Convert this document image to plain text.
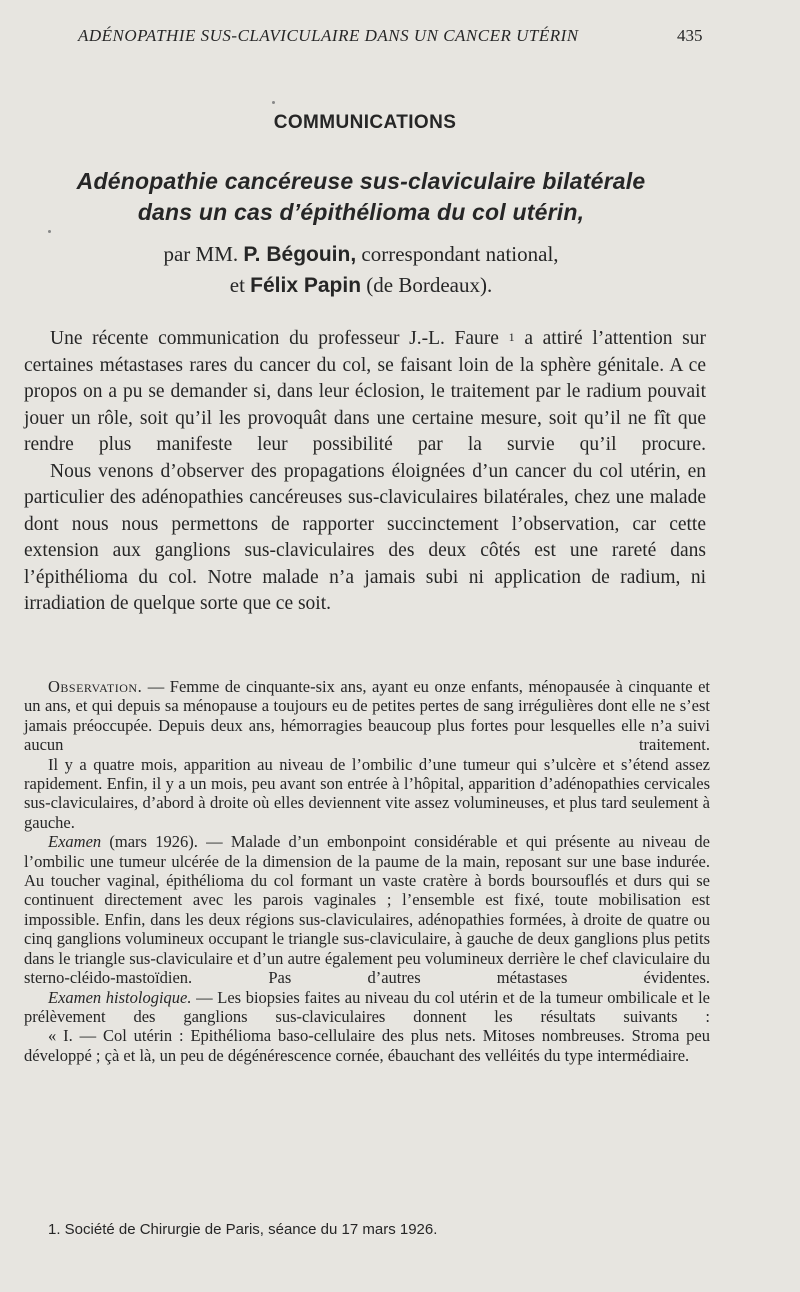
ADÉNOPATHIE SUS-CLAVICULAIRE DANS UN CANCER UTÉRIN	435
COMMUNICATIONS
Adénopathie cancéreuse sus-claviculaire bilatérale
dans un cas d’épithélioma du col utérin,
par MM. P. Bégouin, correspondant national,
et Félix Papin (de Bordeaux).

Une récente communication du professeur J.-L. Faure $^1$ a attiré l’attention sur certaines métastases rares du cancer du col, se faisant loin de la sphère génitale. A ce propos on a pu se demander si, dans leur éclosion, le traitement par le radium pouvait jouer un rôle, soit qu’il les provoquât dans une certaine mesure, soit qu’il ne fît que rendre plus manifeste leur possibilité par la survie qu’il procure.

Nous venons d’observer des propagations éloignées d’un cancer du col utérin, en particulier des adénopathies cancéreuses sus-claviculaires bilatérales, chez une malade dont nous nous permettons de rapporter succinctement l’observation, car cette extension aux ganglions sus-claviculaires des deux côtés est une rareté dans l’épithélioma du col. Notre malade n’a jamais subi ni application de radium, ni irradiation de quelque sorte que ce soit.

Observation. — Femme de cinquante-six ans, ayant eu onze enfants, ménopausée à cinquante et un ans, et qui depuis sa ménopause a toujours eu de petites pertes de sang irrégulières dont elle ne s’est jamais préoccupée. Depuis deux ans, hémorragies beaucoup plus fortes pour lesquelles elle n’a suivi aucun traitement.

Il y a quatre mois, apparition au niveau de l’ombilic d’une tumeur qui s’ulcère et s’étend assez rapidement. Enfin, il y a un mois, peu avant son entrée à l’hôpital, apparition d’adénopathies cervicales sus-claviculaires, d’abord à droite où elles deviennent vite assez volumineuses, et plus tard seulement à gauche.

Examen (mars 1926). — Malade d’un embonpoint considérable et qui présente au niveau de l’ombilic une tumeur ulcérée de la dimension de la paume de la main, reposant sur une base indurée. Au toucher vaginal, épithélioma du col formant un vaste cratère à bords boursouflés et durs qui se continuent directement avec les parois vaginales ; l’ensemble est fixé, toute mobilisation est impossible. Enfin, dans les deux régions sus-claviculaires, adénopathies formées, à droite de quatre ou cinq ganglions volumineux occupant le triangle sus-claviculaire, à gauche de deux ganglions plus petits dans le triangle sus-claviculaire et d’un autre également peu volumineux derrière le chef claviculaire du sterno-cléido-mastoïdien. Pas d’autres métastases évidentes.

Examen histologique. — Les biopsies faites au niveau du col utérin et de la tumeur ombilicale et le prélèvement des ganglions sus-claviculaires donnent les résultats suivants :

« I. — Col utérin : Epithélioma baso-cellulaire des plus nets. Mitoses nombreuses. Stroma peu développé ; çà et là, un peu de dégénérescence cornée, ébauchant des velléités du type intermédiaire.

1. Société de Chirurgie de Paris, séance du 17 mars 1926.
